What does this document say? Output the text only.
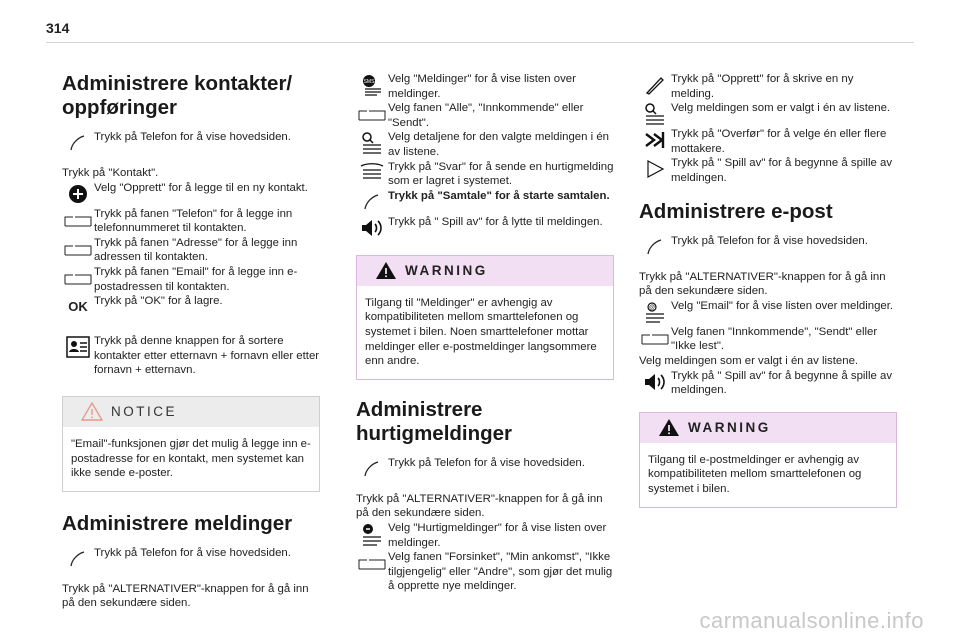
314
Administrere kontakter/ oppføringer
Trykk på Telefon for å vise hovedsiden.
Trykk på "Kontakt".
Velg "Opprett" for å legge til en ny kontakt.
Trykk på fanen "Telefon" for å legge inn telefonnummeret til kontakten.
Trykk på fanen "Adresse" for å legge inn adressen til kontakten.
Trykk på fanen "Email" for å legge inn e-postadressen til kontakten.
OK Trykk på "OK" for å lagre.
Trykk på denne knappen for å sortere kontakter etter etternavn + fornavn eller etter fornavn + etternavn.
NOTICE
"Email"-funksjonen gjør det mulig å legge inn e-postadresse for en kontakt, men systemet kan ikke sende e-poster.
Administrere meldinger
Trykk på Telefon for å vise hovedsiden.
Trykk på "ALTERNATIVER"-knappen for å gå inn på den sekundære siden.
SMS Velg "Meldinger" for å vise listen over meldinger.
Velg fanen "Alle", "Innkommende" eller "Sendt".
Velg detaljene for den valgte meldingen i én av listene.
Trykk på "Svar" for å sende en hurtigmelding som er lagret i systemet.
Trykk på "Samtale" for å starte samtalen.
Trykk på " Spill av" for å lytte til meldingen.
WARNING
Tilgang til "Meldinger" er avhengig av kompatibiliteten mellom smarttelefonen og systemet i bilen. Noen smarttelefoner mottar meldinger eller e-postmeldinger langsommere enn andre.
Administrere hurtigmeldinger
Trykk på Telefon for å vise hovedsiden.
Trykk på "ALTERNATIVER"-knappen for å gå inn på den sekundære siden.
Velg "Hurtigmeldinger" for å vise listen over meldinger.
Velg fanen "Forsinket", "Min ankomst", "Ikke tilgjengelig" eller "Andre", som gjør det mulig å opprette nye meldinger.
Trykk på "Opprett" for å skrive en ny melding.
Velg meldingen som er valgt i én av listene.
Trykk på "Overfør" for å velge én eller flere mottakere.
Trykk på " Spill av" for å begynne å spille av meldingen.
Administrere e-post
Trykk på Telefon for å vise hovedsiden.
Trykk på "ALTERNATIVER"-knappen for å gå inn på den sekundære siden.
@ Velg "Email" for å vise listen over meldinger.
Velg fanen "Innkommende", "Sendt" eller "Ikke lest".
Velg meldingen som er valgt i én av listene.
Trykk på " Spill av" for å begynne å spille av meldingen.
WARNING
Tilgang til e-postmeldinger er avhengig av kompatibiliteten mellom smarttelefonen og systemet i bilen.
carmanualsonline.info
